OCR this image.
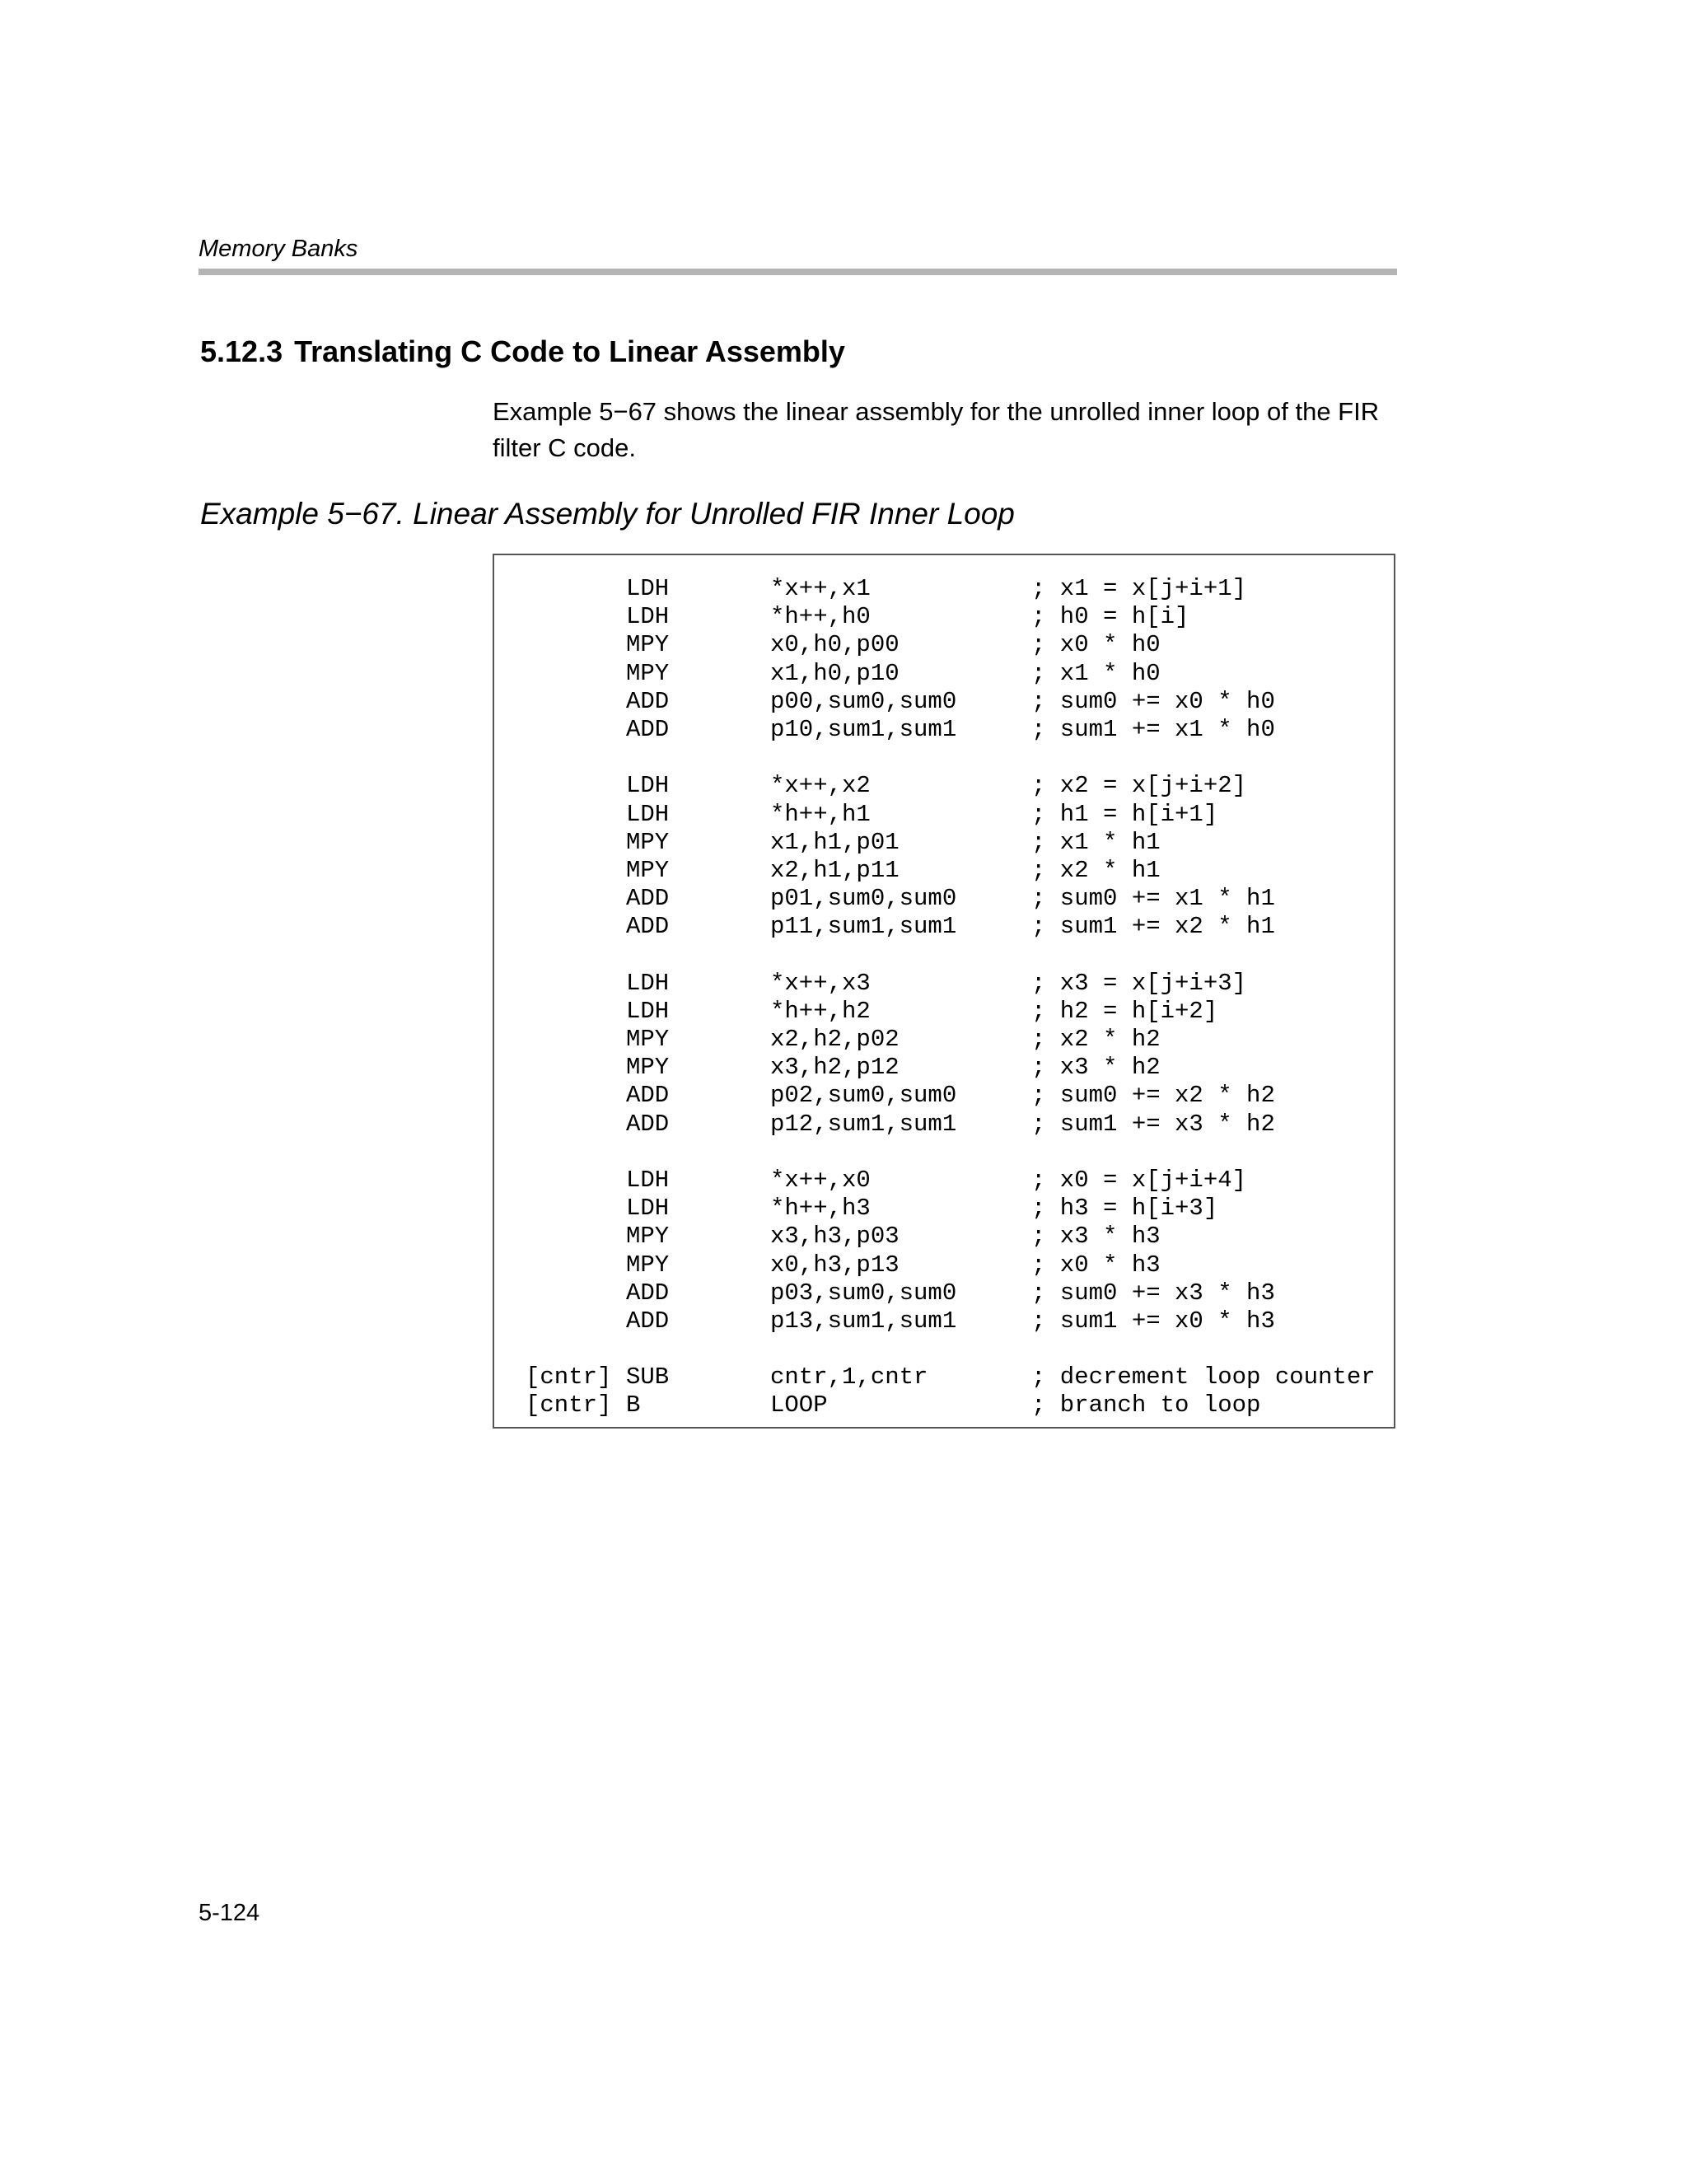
Memory Banks
5.12.3 Translating C Code to Linear Assembly
Example 5−67 shows the linear assembly for the unrolled inner loop of the FIR
filter C code.
Example 5−67. Linear Assembly for Unrolled FIR Inner Loop
LDH	*x++,x1	; x1 = x[j+i+1]
LDH	*h++,h0	; h0 = h[i]
MPY	x0,h0,p00	; x0 * h0
MPY	x1,h0,p10	; x1 * h0
ADD	p00,sum0,sum0	; sum0 += x0 * h0
ADD	p10,sum1,sum1	; sum1 += x1 * h0
LDH	*x++,x2	; x2 = x[j+i+2]
LDH	*h++,h1	; h1 = h[i+1]
MPY	x1,h1,p01	; x1 * h1
MPY	x2,h1,p11	; x2 * h1
ADD	p01,sum0,sum0	; sum0 += x1 * h1
ADD	p11,sum1,sum1	; sum1 += x2 * h1
LDH	*x++,x3	; x3 = x[j+i+3]
LDH	*h++,h2	; h2 = h[i+2]
MPY	x2,h2,p02	; x2 * h2
MPY	x3,h2,p12	; x3 * h2
ADD	p02,sum0,sum0	; sum0 += x2 * h2
ADD	p12,sum1,sum1	; sum1 += x3 * h2
LDH	*x++,x0	; x0 = x[j+i+4]
LDH	*h++,h3	; h3 = h[i+3]
MPY	x3,h3,p03	; x3 * h3
MPY	x0,h3,p13	; x0 * h3
ADD	p03,sum0,sum0	; sum0 += x3 * h3
ADD	p13,sum1,sum1	; sum1 += x0 * h3
[cntr] SUB	cntr,1,cntr	; decrement loop counter
[cntr] B	LOOP	; branch to loop
5-124
